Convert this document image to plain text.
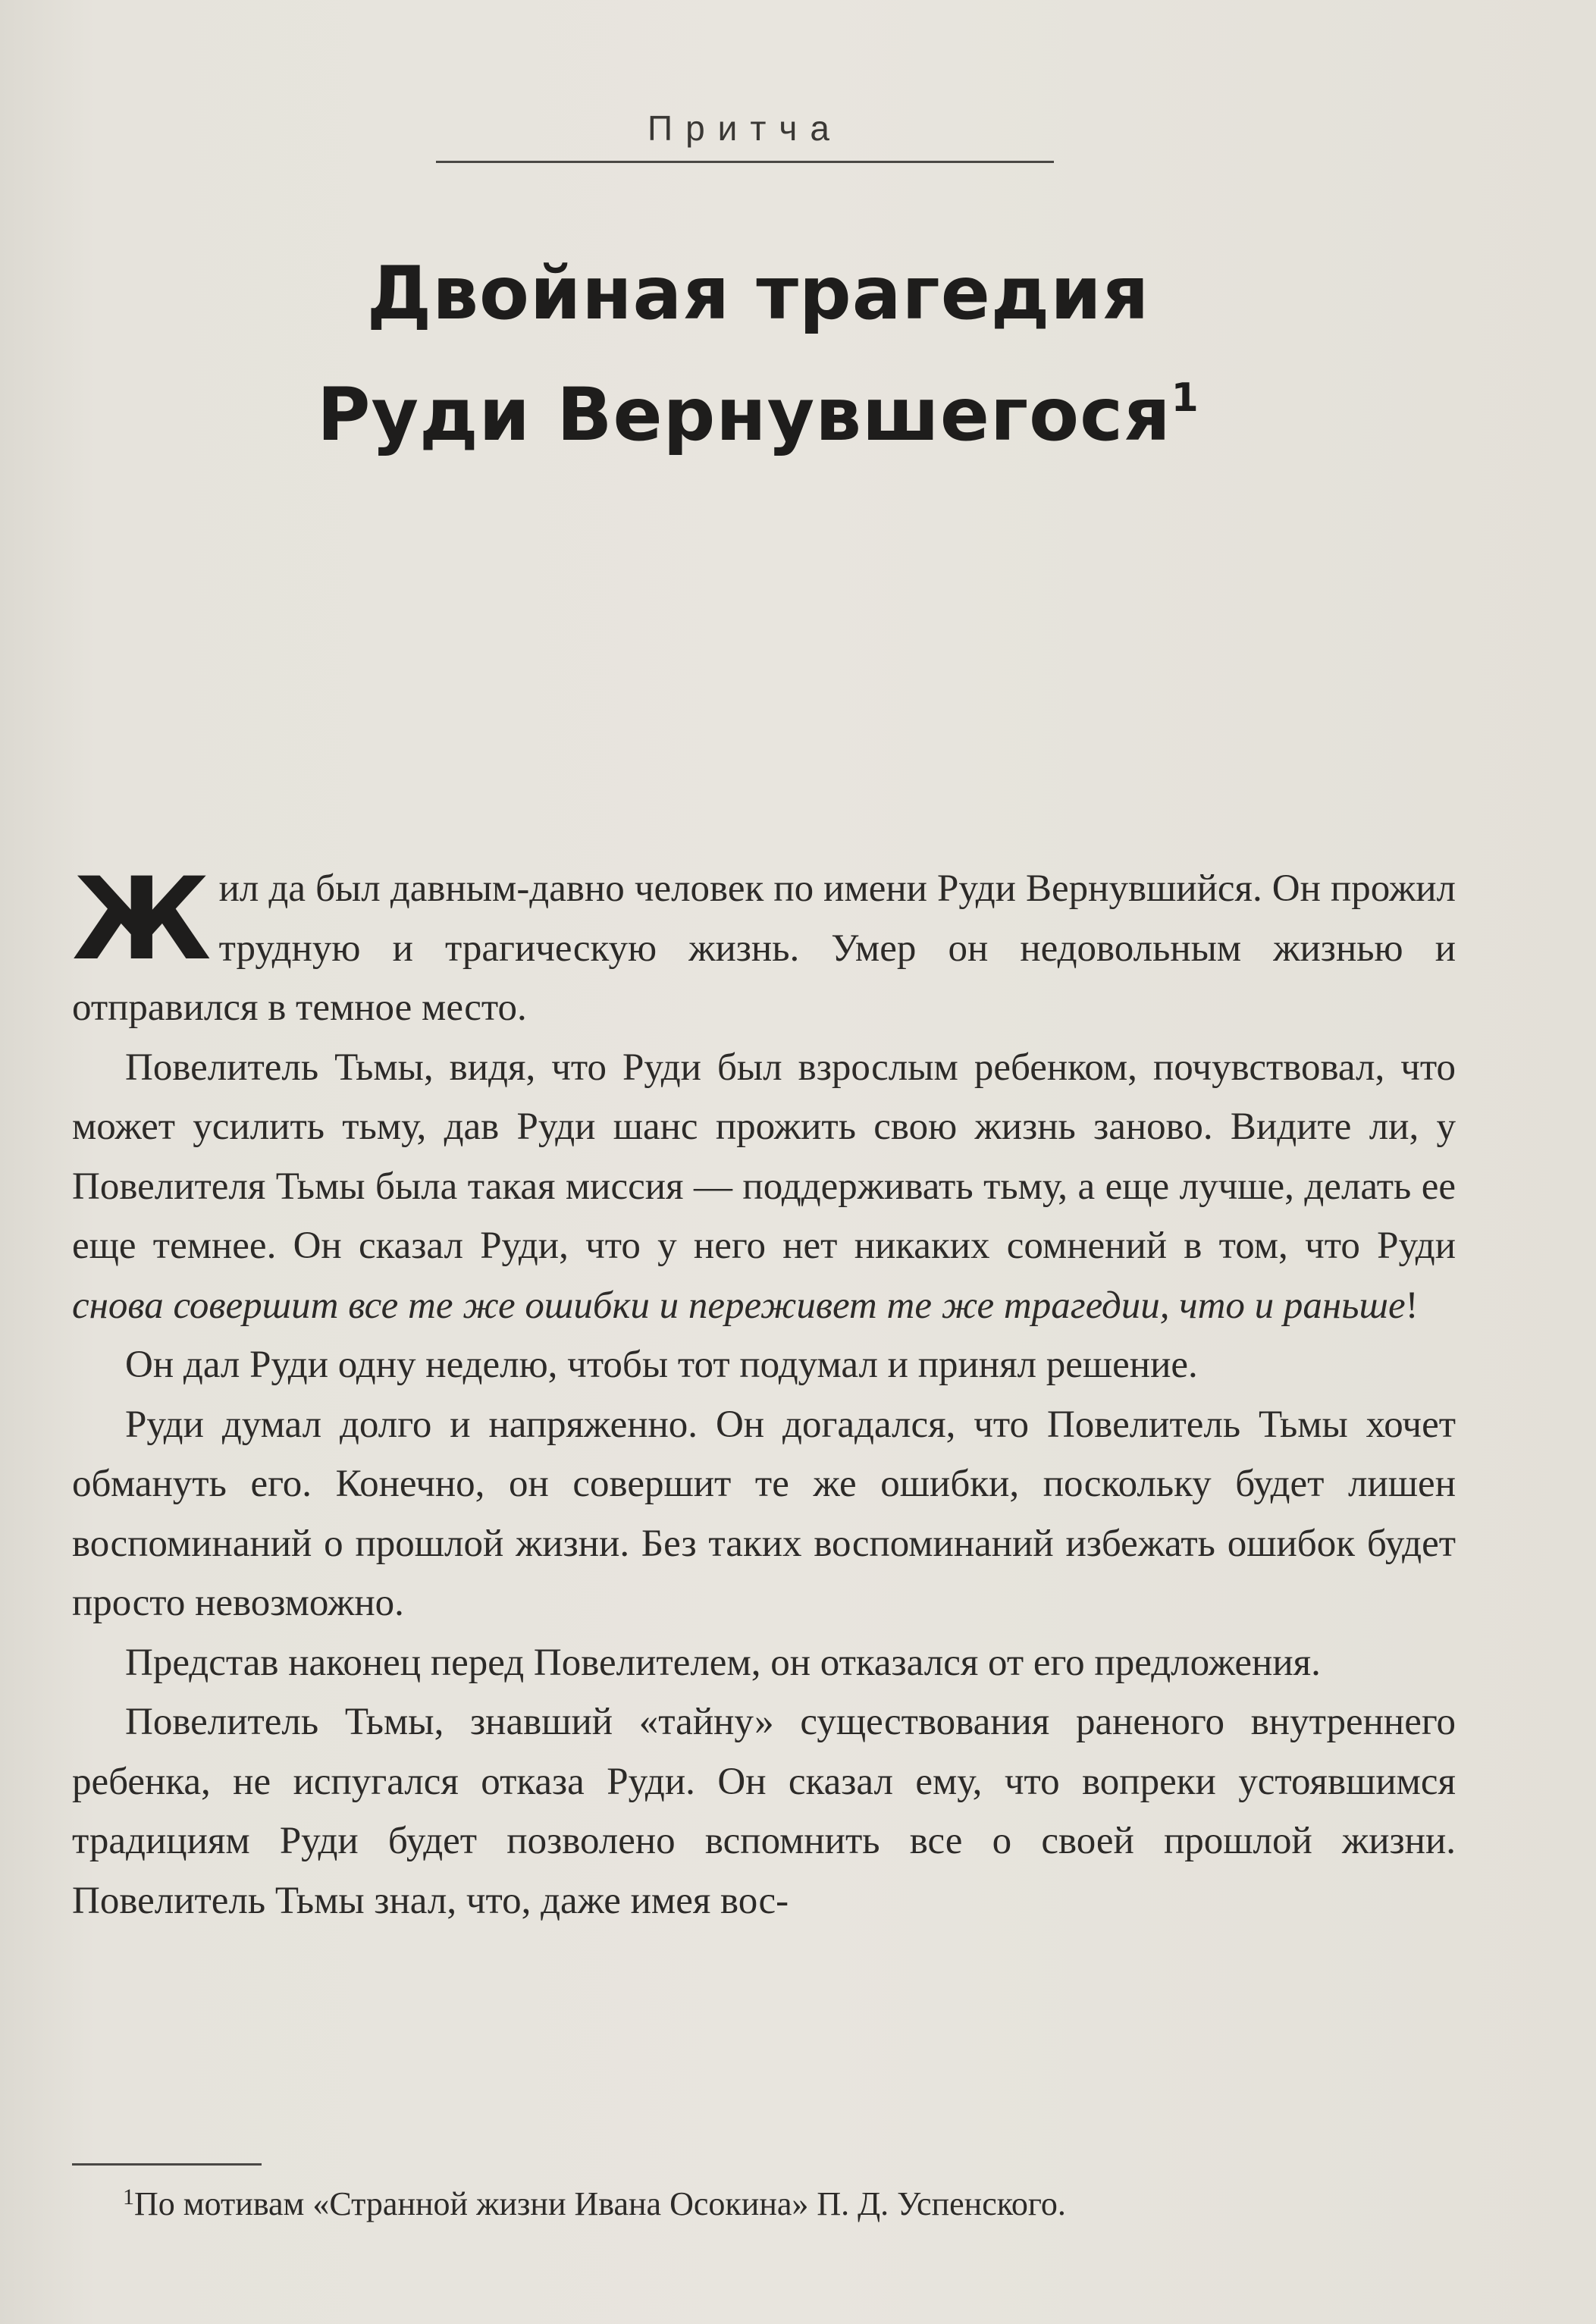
Притча
Двойная трагедия
Руди Вернувшегося$^1$

Жил да был давным-давно человек по имени Руди Вернувшийся. Он прожил трудную и трагическую жизнь. Умер он недовольным жизнью и отправился в темное место.

Повелитель Тьмы, видя, что Руди был взрослым ребенком, почувствовал, что может усилить тьму, дав Руди шанс прожить свою жизнь заново. Видите ли, у Повелителя Тьмы была такая миссия — поддерживать тьму, а еще лучше, делать ее еще темнее. Он сказал Руди, что у него нет никаких сомнений в том, что Руди снова совершит все те же ошибки и переживет те же трагедии, что и раньше!

Он дал Руди одну неделю, чтобы тот подумал и принял решение.

Руди думал долго и напряженно. Он догадался, что Повелитель Тьмы хочет обмануть его. Конечно, он совершит те же ошибки, поскольку будет лишен воспоминаний о прошлой жизни. Без таких воспоминаний избежать ошибок будет просто невозможно.

Представ наконец перед Повелителем, он отказался от его предложения.

Повелитель Тьмы, знавший «тайну» существования раненого внутреннего ребенка, не испугался отказа Руди. Он сказал ему, что вопреки устоявшимся традициям Руди будет позволено вспомнить все о своей прошлой жизни. Повелитель Тьмы знал, что, даже имея вос-

$^1$По мотивам «Странной жизни Ивана Осокина» П. Д. Успенского.
